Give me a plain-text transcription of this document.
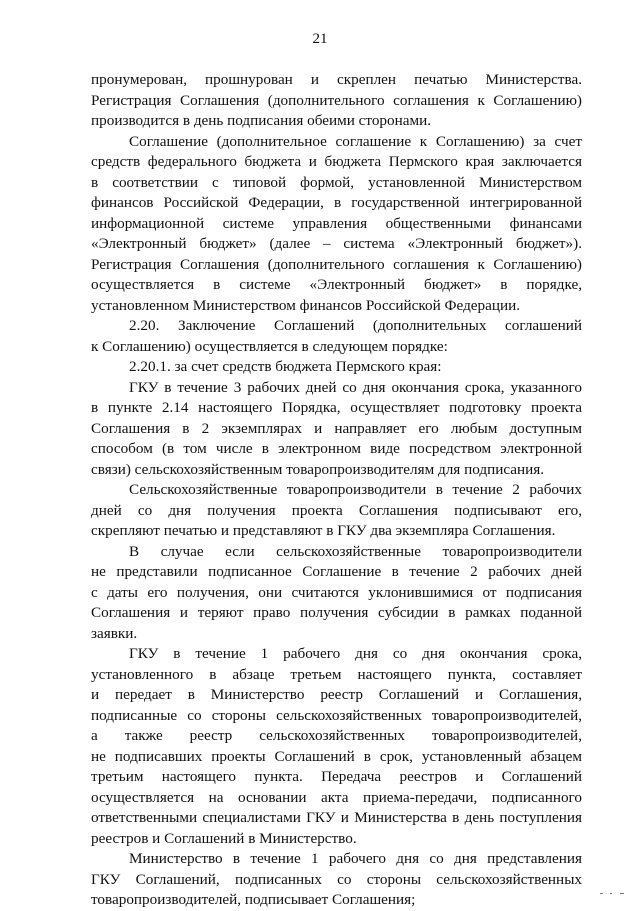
21
пронумерован, прошнурован и скреплен печатью Министерства.
Регистрация Соглашения (дополнительного соглашения к Соглашению)
производится в день подписания обеими сторонами.
Соглашение (дополнительное соглашение к Соглашению) за счет
средств федерального бюджета и бюджета Пермского края заключается
в соответствии с типовой формой, установленной Министерством
финансов Российской Федерации, в государственной интегрированной
информационной системе управления общественными финансами
«Электронный бюджет» (далее – система «Электронный бюджет»).
Регистрация Соглашения (дополнительного соглашения к Соглашению)
осуществляется в системе «Электронный бюджет» в порядке,
установленном Министерством финансов Российской Федерации.
2.20. Заключение Соглашений (дополнительных соглашений
к Соглашению) осуществляется в следующем порядке:
2.20.1. за счет средств бюджета Пермского края:
ГКУ в течение 3 рабочих дней со дня окончания срока, указанного
в пункте 2.14 настоящего Порядка, осуществляет подготовку проекта
Соглашения в 2 экземплярах и направляет его любым доступным
способом (в том числе в электронном виде посредством электронной
связи) сельскохозяйственным товаропроизводителям для подписания.
Сельскохозяйственные товаропроизводители в течение 2 рабочих
дней со дня получения проекта Соглашения подписывают его,
скрепляют печатью и представляют в ГКУ два экземпляра Соглашения.
В случае если сельскохозяйственные товаропроизводители
не представили подписанное Соглашение в течение 2 рабочих дней
с даты его получения, они считаются уклонившимися от подписания
Соглашения и теряют право получения субсидии в рамках поданной
заявки.
ГКУ в течение 1 рабочего дня со дня окончания срока,
установленного в абзаце третьем настоящего пункта, составляет
и передает в Министерство реестр Соглашений и Соглашения,
подписанные со стороны сельскохозяйственных товаропроизводителей,
а также реестр сельскохозяйственных товаропроизводителей,
не подписавших проекты Соглашений в срок, установленный абзацем
третьим настоящего пункта. Передача реестров и Соглашений
осуществляется на основании акта приема-передачи, подписанного
ответственными специалистами ГКУ и Министерства в день поступления
реестров и Соглашений в Министерство.
Министерство в течение 1 рабочего дня со дня представления
ГКУ Соглашений, подписанных со стороны сельскохозяйственных
товаропроизводителей, подписывает Соглашения;
